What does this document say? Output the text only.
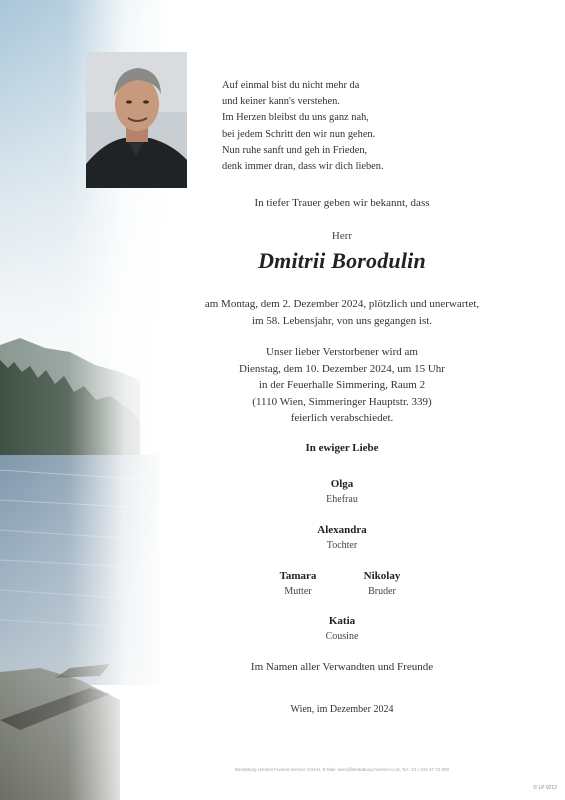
Auf einmal bist du nicht mehr da
und keiner kann's verstehen.
Im Herzen bleibst du uns ganz nah,
bei jedem Schritt den wir nun gehen.
Nun ruhe sanft und geh in Frieden,
denk immer dran, dass wir dich lieben.
In tiefer Trauer geben wir bekannt, dass
Herr
Dmitrii Borodulin
am Montag, dem 2. Dezember 2024, plötzlich und unerwartet,
im 58. Lebensjahr, von uns gegangen ist.
Unser lieber Verstorbener wird am
Dienstag, dem 10. Dezember 2024, um 15 Uhr
in der Feuerhalle Simmering, Raum 2
(1110 Wien, Simmeringer Hauptstr. 339)
feierlich verabschiedet.
In ewiger Liebe
Olga
Ehefrau
Alexandra
Tochter
Tamara
Mutter
Nikolay
Bruder
Katia
Cousine
Im Namen aller Verwandten und Freunde
Wien, im Dezember 2024
Bestattung Himmel Funeral Service GmbH, E-Mail: wien@bestattung-himmel.co.at, Tel.: 01 / 244 47 72 000
© LP 9212
